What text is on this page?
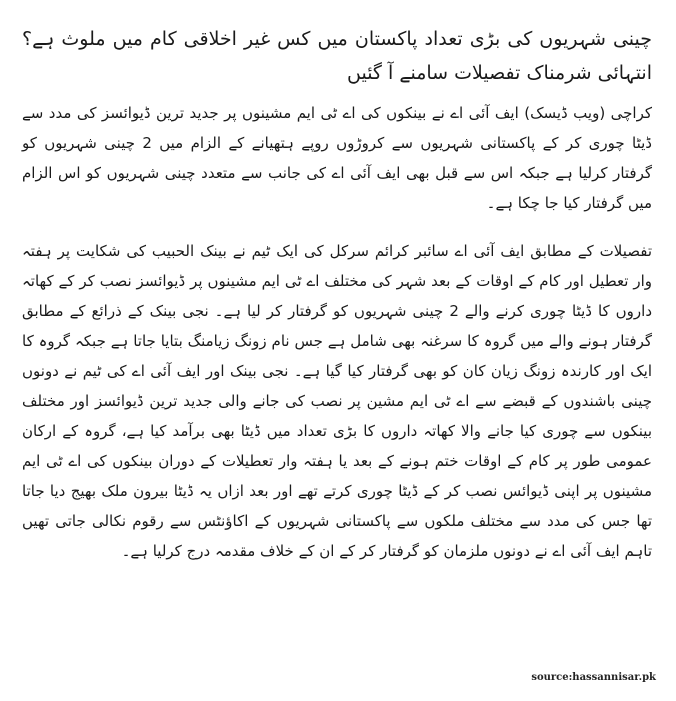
چینی شہریوں کی بڑی تعداد پاکستان میں کس غیر اخلاقی کام میں ملوث ہے؟ انتہائی شرمناک تفصیلات سامنے آ گئیں

کراچی (ویب ڈیسک) ایف آئی اے نے بینکوں کی اے ٹی ایم مشینوں پر جدید ترین ڈیوائسز کی مدد سے ڈیٹا چوری کر کے پاکستانی شہریوں سے کروڑوں روپے ہتھیانے کے الزام میں 2 چینی شہریوں کو گرفتار کرلیا ہے جبکہ اس سے قبل بھی ایف آئی اے کی جانب سے متعدد چینی شہریوں کو اس الزام میں گرفتار کیا جا چکا ہے۔

تفصیلات کے مطابق ایف آئی اے سائبر کرائم سرکل کی ایک ٹیم نے بینک الحبیب کی شکایت پر ہفتہ وار تعطیل اور کام کے اوقات کے بعد شہر کی مختلف اے ٹی ایم مشینوں پر ڈیوائسز نصب کر کے کھاتہ داروں کا ڈیٹا چوری کرنے والے 2 چینی شہریوں کو گرفتار کر لیا ہے۔ نجی بینک کے ذرائع کے مطابق گرفتار ہونے والے میں گروہ کا سرغنہ بھی شامل ہے جس نام زونگ زیامنگ بتایا جاتا ہے جبکہ گروہ کا ایک اور کارندہ زونگ زیان کان کو بھی گرفتار کیا گیا ہے۔ نجی بینک اور ایف آئی اے کی ٹیم نے دونوں چینی باشندوں کے قبضے سے اے ٹی ایم مشین پر نصب کی جانے والی جدید ترین ڈیوائسز اور مختلف بینکوں سے چوری کیا جانے والا کھاتہ داروں کا بڑی تعداد میں ڈیٹا بھی برآمد کیا ہے، گروہ کے ارکان عمومی طور پر کام کے اوقات ختم ہونے کے بعد یا ہفتہ وار تعطیلات کے دوران بینکوں کی اے ٹی ایم مشینوں پر اپنی ڈیوائس نصب کر کے ڈیٹا چوری کرتے تھے اور بعد ازاں یہ ڈیٹا بیرون ملک بھیج دیا جاتا تھا جس کی مدد سے مختلف ملکوں سے پاکستانی شہریوں کے اکاؤنٹس سے رقوم نکالی جاتی تھیں تاہم ایف آئی اے نے دونوں ملزمان کو گرفتار کر کے ان کے خلاف مقدمہ درج کرلیا ہے۔

source:hassannisar.pk
